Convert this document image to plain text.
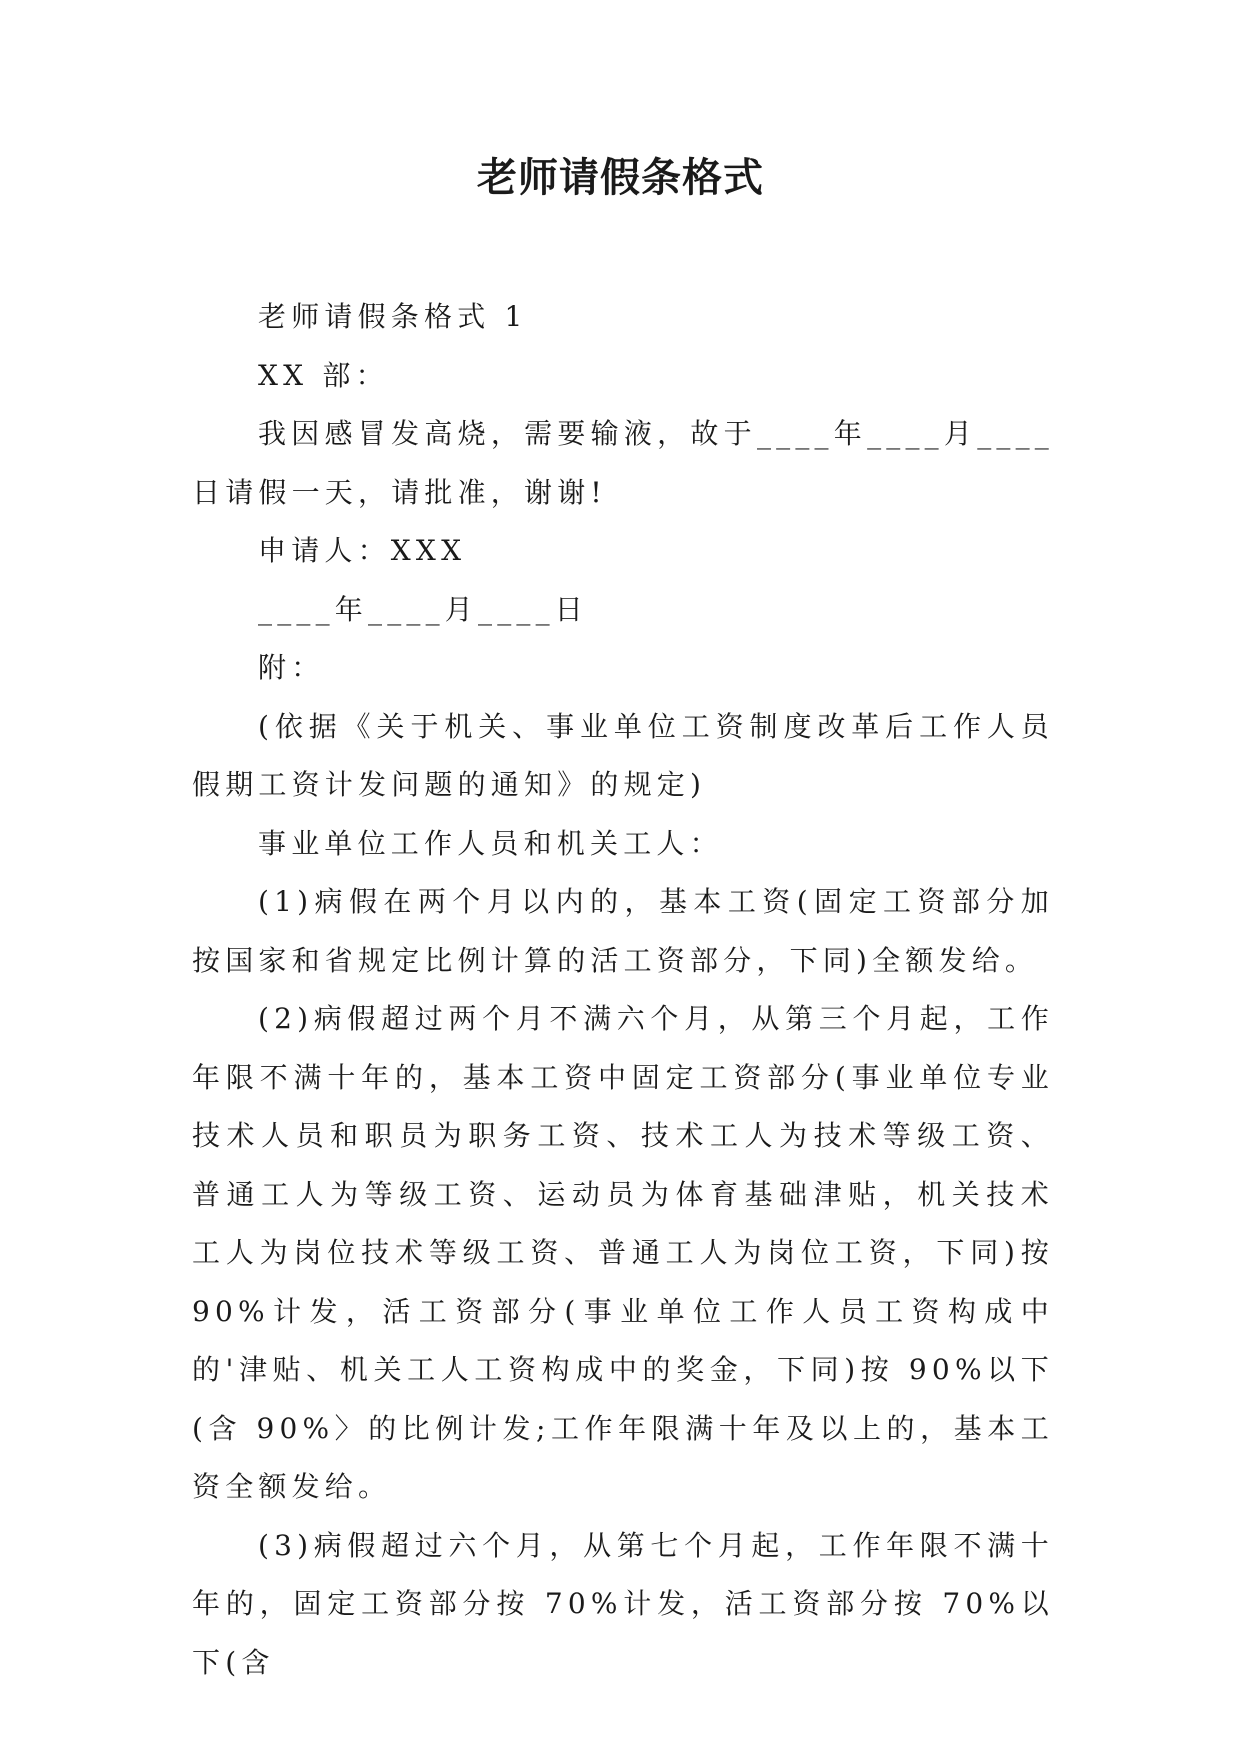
老师请假条格式

老师请假条格式 1

XX 部：

我因感冒发高烧，需要输液，故于____年____月____日请假一天，请批准，谢谢!

申请人：XXX

____年____月____日

附：

(依据《关于机关、事业单位工资制度改革后工作人员假期工资计发问题的通知》的规定)

事业单位工作人员和机关工人：

(1)病假在两个月以内的，基本工资(固定工资部分加按国家和省规定比例计算的活工资部分，下同)全额发给。

(2)病假超过两个月不满六个月，从第三个月起，工作年限不满十年的，基本工资中固定工资部分(事业单位专业技术人员和职员为职务工资、技术工人为技术等级工资、普通工人为等级工资、运动员为体育基础津贴，机关技术工人为岗位技术等级工资、普通工人为岗位工资，下同)按 90%计发，活工资部分(事业单位工作人员工资构成中的'津贴、机关工人工资构成中的奖金，下同)按 90%以下(含 90%〉的比例计发;工作年限满十年及以上的，基本工资全额发给。

(3)病假超过六个月，从第七个月起，工作年限不满十年的，固定工资部分按 70%计发，活工资部分按 70%以下(含
